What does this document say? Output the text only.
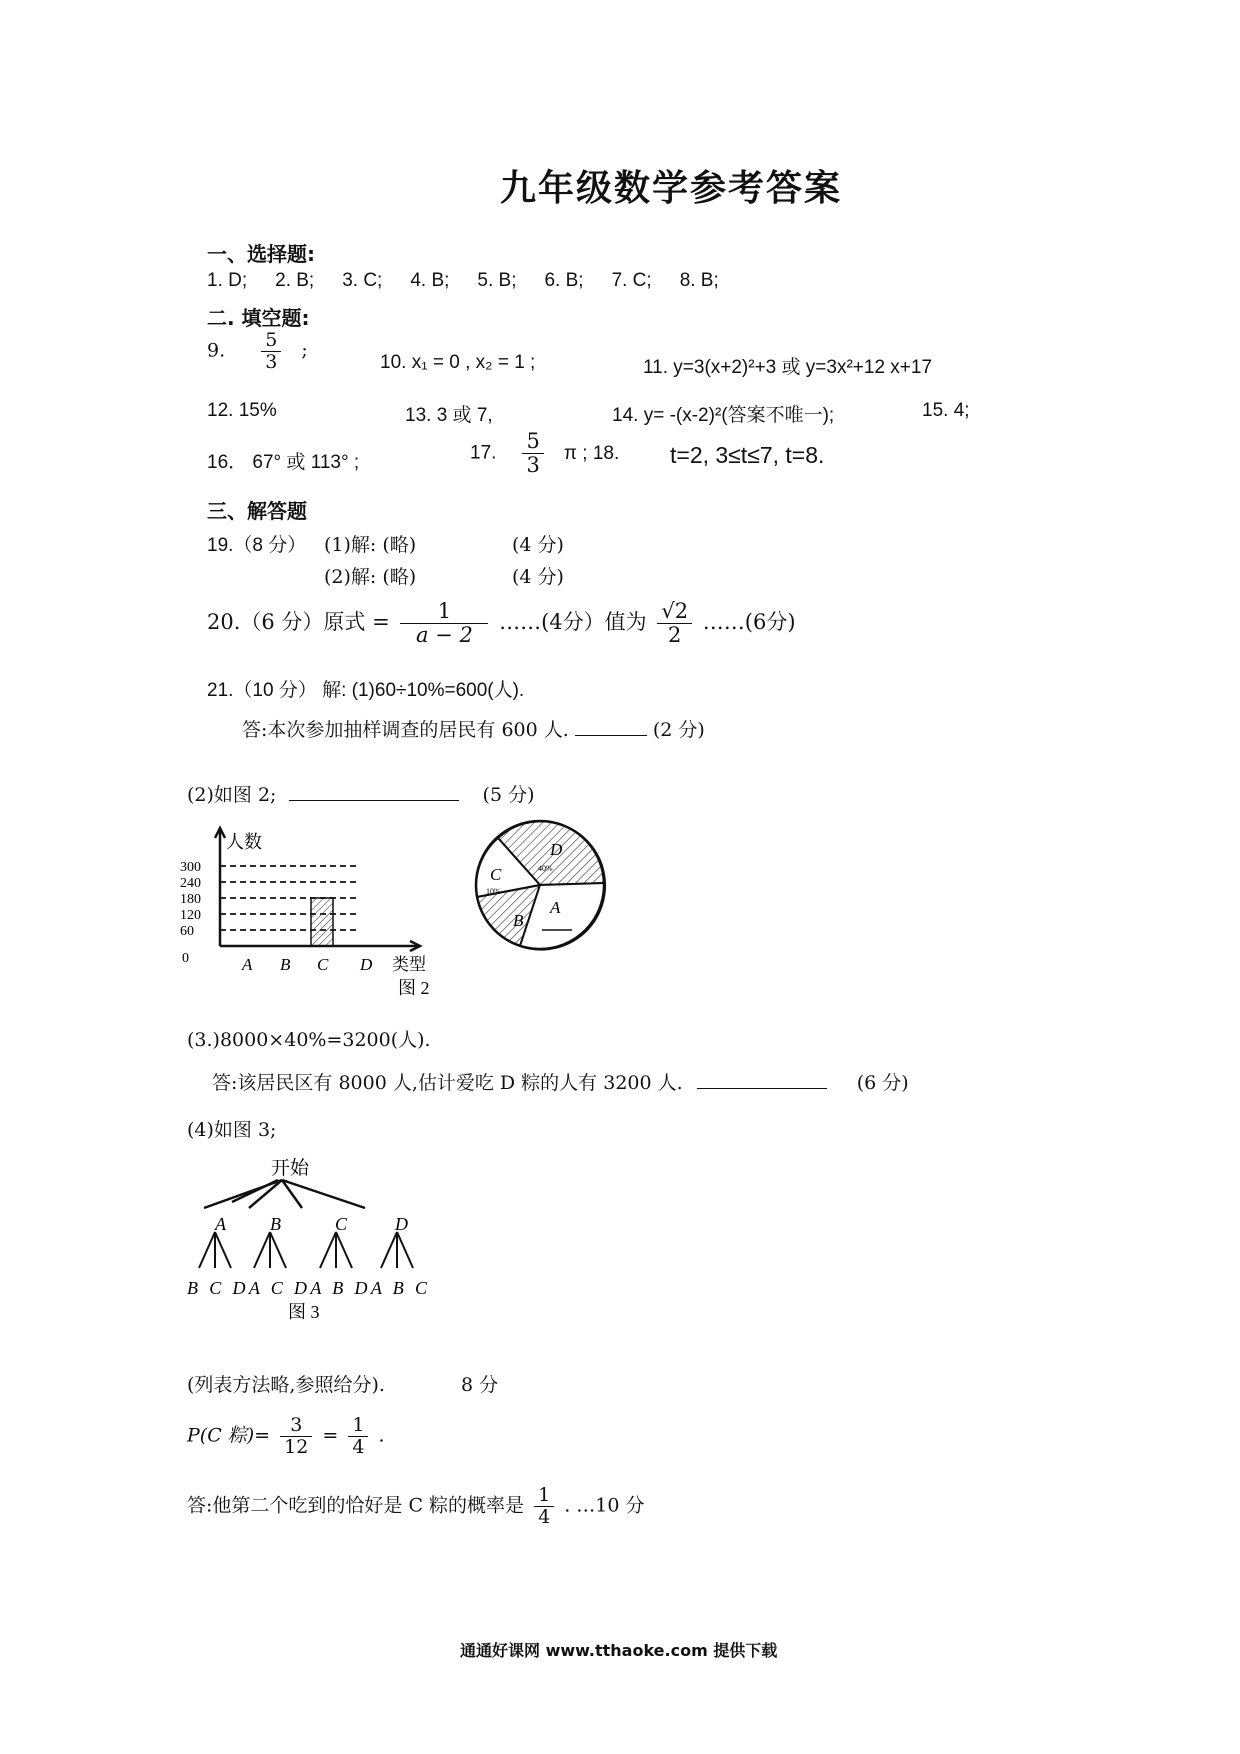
九年级数学参考答案
一、选择题:
1. D; 2. B; 3. C; 4. B; 5. B; 6. B; 7. C; 8. B;
二. 填空题:
9. $\frac{5}{3}$ ;
10. x₁ = 0 , x₂ = 1 ;	11. y=3(x+2)²+3 或 y=3x²+12 x+17
12. 15%	13. 3 或 7,	14. y= -(x-2)²(答案不唯一);	15. 4;
16． 67° 或 113° ;	17. $\frac{5}{3}$ π ; 18. t=2, 3≤t≤7, t=8.
三、解答题
19.（8 分） (1)解: (略)	(4 分)
(2)解: (略)	(4 分)
20.（6 分）原式 = $\frac{1}{a - 2}$ ……(4分）值为 $\frac{√2}{2}$ ……(6分)
21.（10 分） 解: (1)60÷10%=600(人).
答:本次参加抽样调查的居民有 600 人.	(2 分)
(2)如图 2;	(5 分)
0
60
120
180
240
300
人数
A B C D 类型
图 2
D
40%
C
10%
B
A
(3.)8000×40%=3200(人).
答:该居民区有 8000 人,估计爱吃 D 粽的人有 3200 人.	(6 分)
(4)如图 3;
开始
A B	C	D
B C DA C DA B DA B C
图 3
(列表方法略,参照给分).	8 分
P(C 粽)= $\frac{3}{12} = \frac{1}{4}$ .
答:他第二个吃到的恰好是 C 粽的概率是 $\frac{1}{4}$ . …10 分
通通好课网 www.tthaoke.com 提供下载
